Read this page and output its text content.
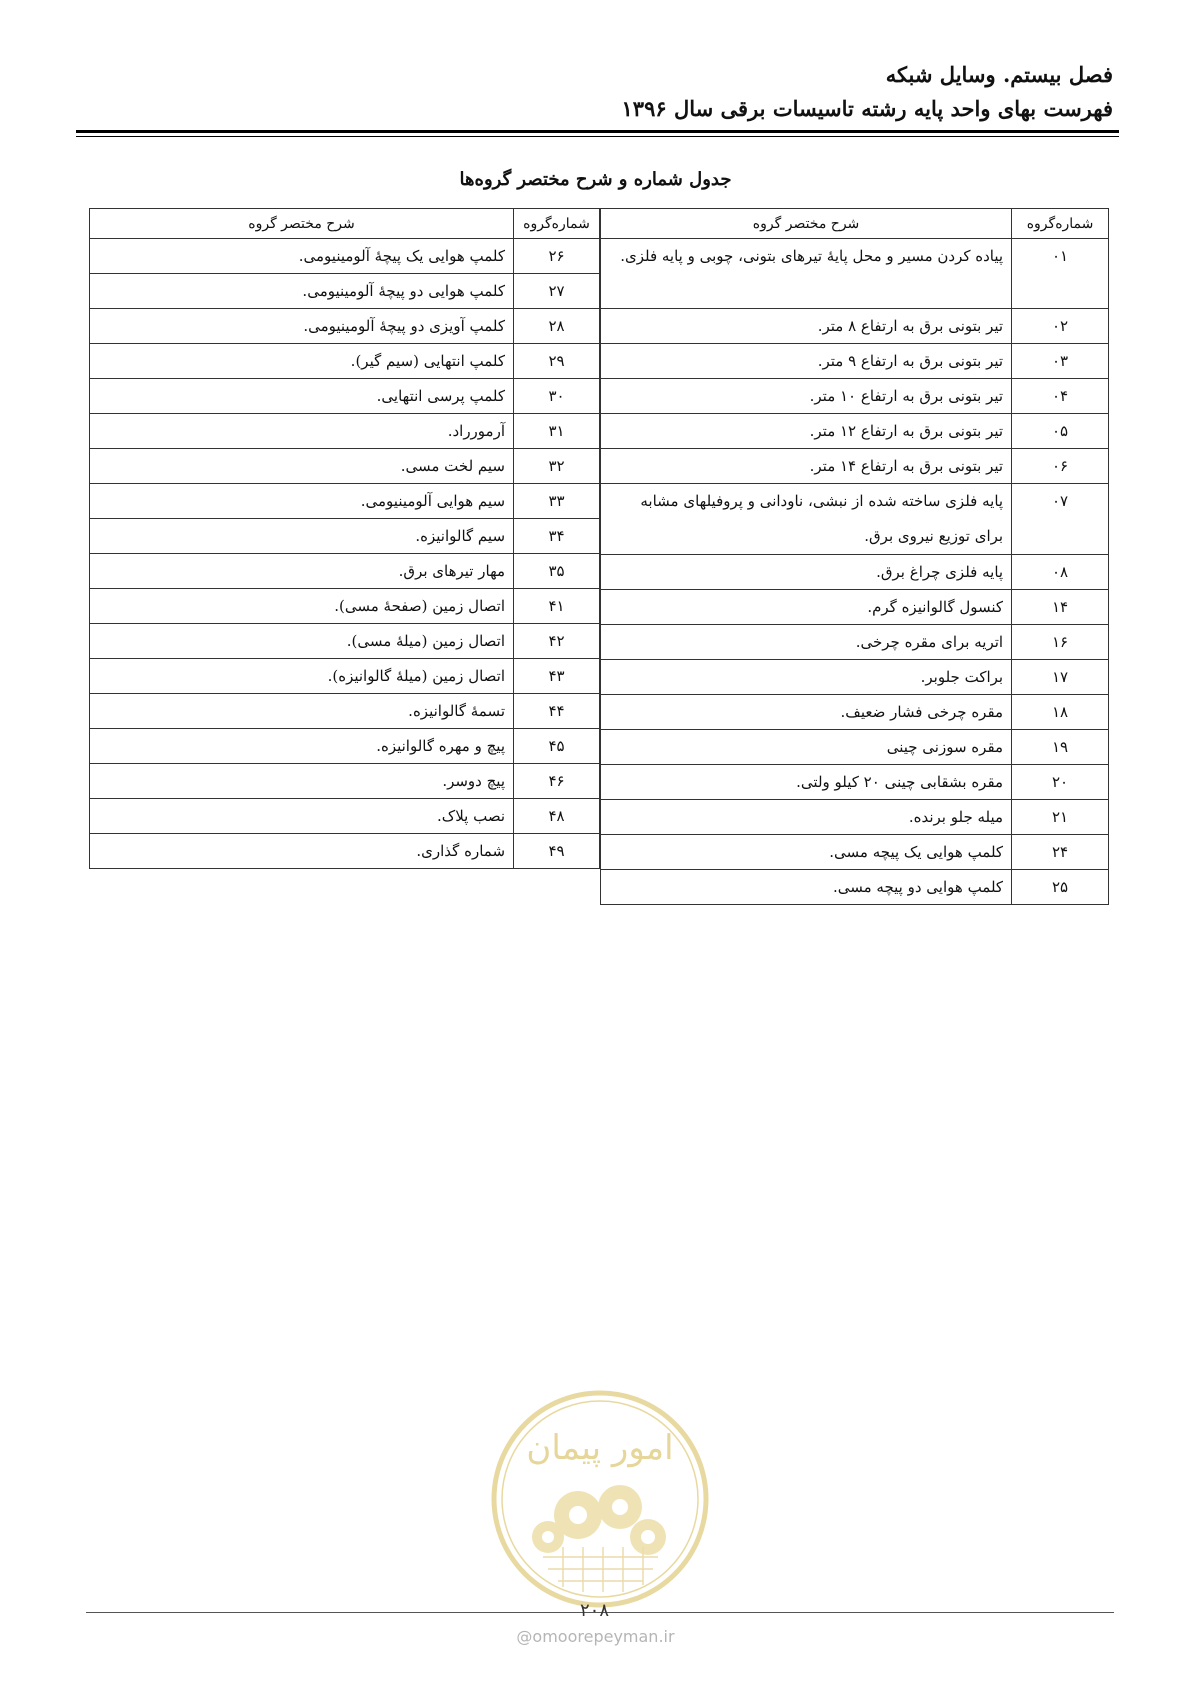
فصل بیستم. وسایل شبکه
فهرست بهای واحد پایه رشته تاسیسات برقی سال ۱۳۹۶
جدول شماره و شرح مختصر گروه‌ها
شماره‌گروه	شرح مختصر گروه
۰۱	پیاده کردن مسیر و محل پایهٔ تیرهای بتونی، چوبی و پایه فلزی.
۰۲	تیر بتونی برق به ارتفاع ۸ متر.
۰۳	تیر بتونی برق به ارتفاع ۹ متر.
۰۴	تیر بتونی برق به ارتفاع ۱۰ متر.
۰۵	تیر بتونی برق به ارتفاع ۱۲ متر.
۰۶	تیر بتونی برق به ارتفاع ۱۴ متر.
۰۷	پایه فلزی ساخته شده از نبشی، ناودانی و پروفیلهای مشابه برای توزیع نیروی برق.
۰۸	پایه فلزی چراغ برق.
۱۴	کنسول گالوانیزه گرم.
۱۶	اتریه برای مقره چرخی.
۱۷	براکت جلوبر.
۱۸	مقره چرخی فشار ضعیف.
۱۹	مقره سوزنی چینی
۲۰	مقره بشقابی چینی ۲۰ کیلو ولتی.
۲۱	میله جلو برنده.
۲۴	کلمپ هوایی یک پیچه مسی.
۲۵	کلمپ هوایی دو پیچه مسی.
شماره‌گروه	شرح مختصر گروه
۲۶	کلمپ هوایی یک پیچهٔ آلومینیومی.
۲۷	کلمپ هوایی دو پیچهٔ آلومینیومی.
۲۸	کلمپ آویزی دو پیچهٔ آلومینیومی.
۲۹	کلمپ انتهایی (سیم گیر).
۳۰	کلمپ پرسی انتهایی.
۳۱	آرمورراد.
۳۲	سیم لخت مسی.
۳۳	سیم هوایی آلومینیومی.
۳۴	سیم گالوانیزه.
۳۵	مهار تیرهای برق.
۴۱	اتصال زمین (صفحهٔ مسی).
۴۲	اتصال زمین (میلهٔ مسی).
۴۳	اتصال زمین (میلهٔ گالوانیزه).
۴۴	تسمهٔ گالوانیزه.
۴۵	پیچ و مهره گالوانیزه.
۴۶	پیچ دوسر.
۴۸	نصب پلاک.
۴۹	شماره گذاری.
امور پیمان
۲۰۸
@omoorepeyman.ir
